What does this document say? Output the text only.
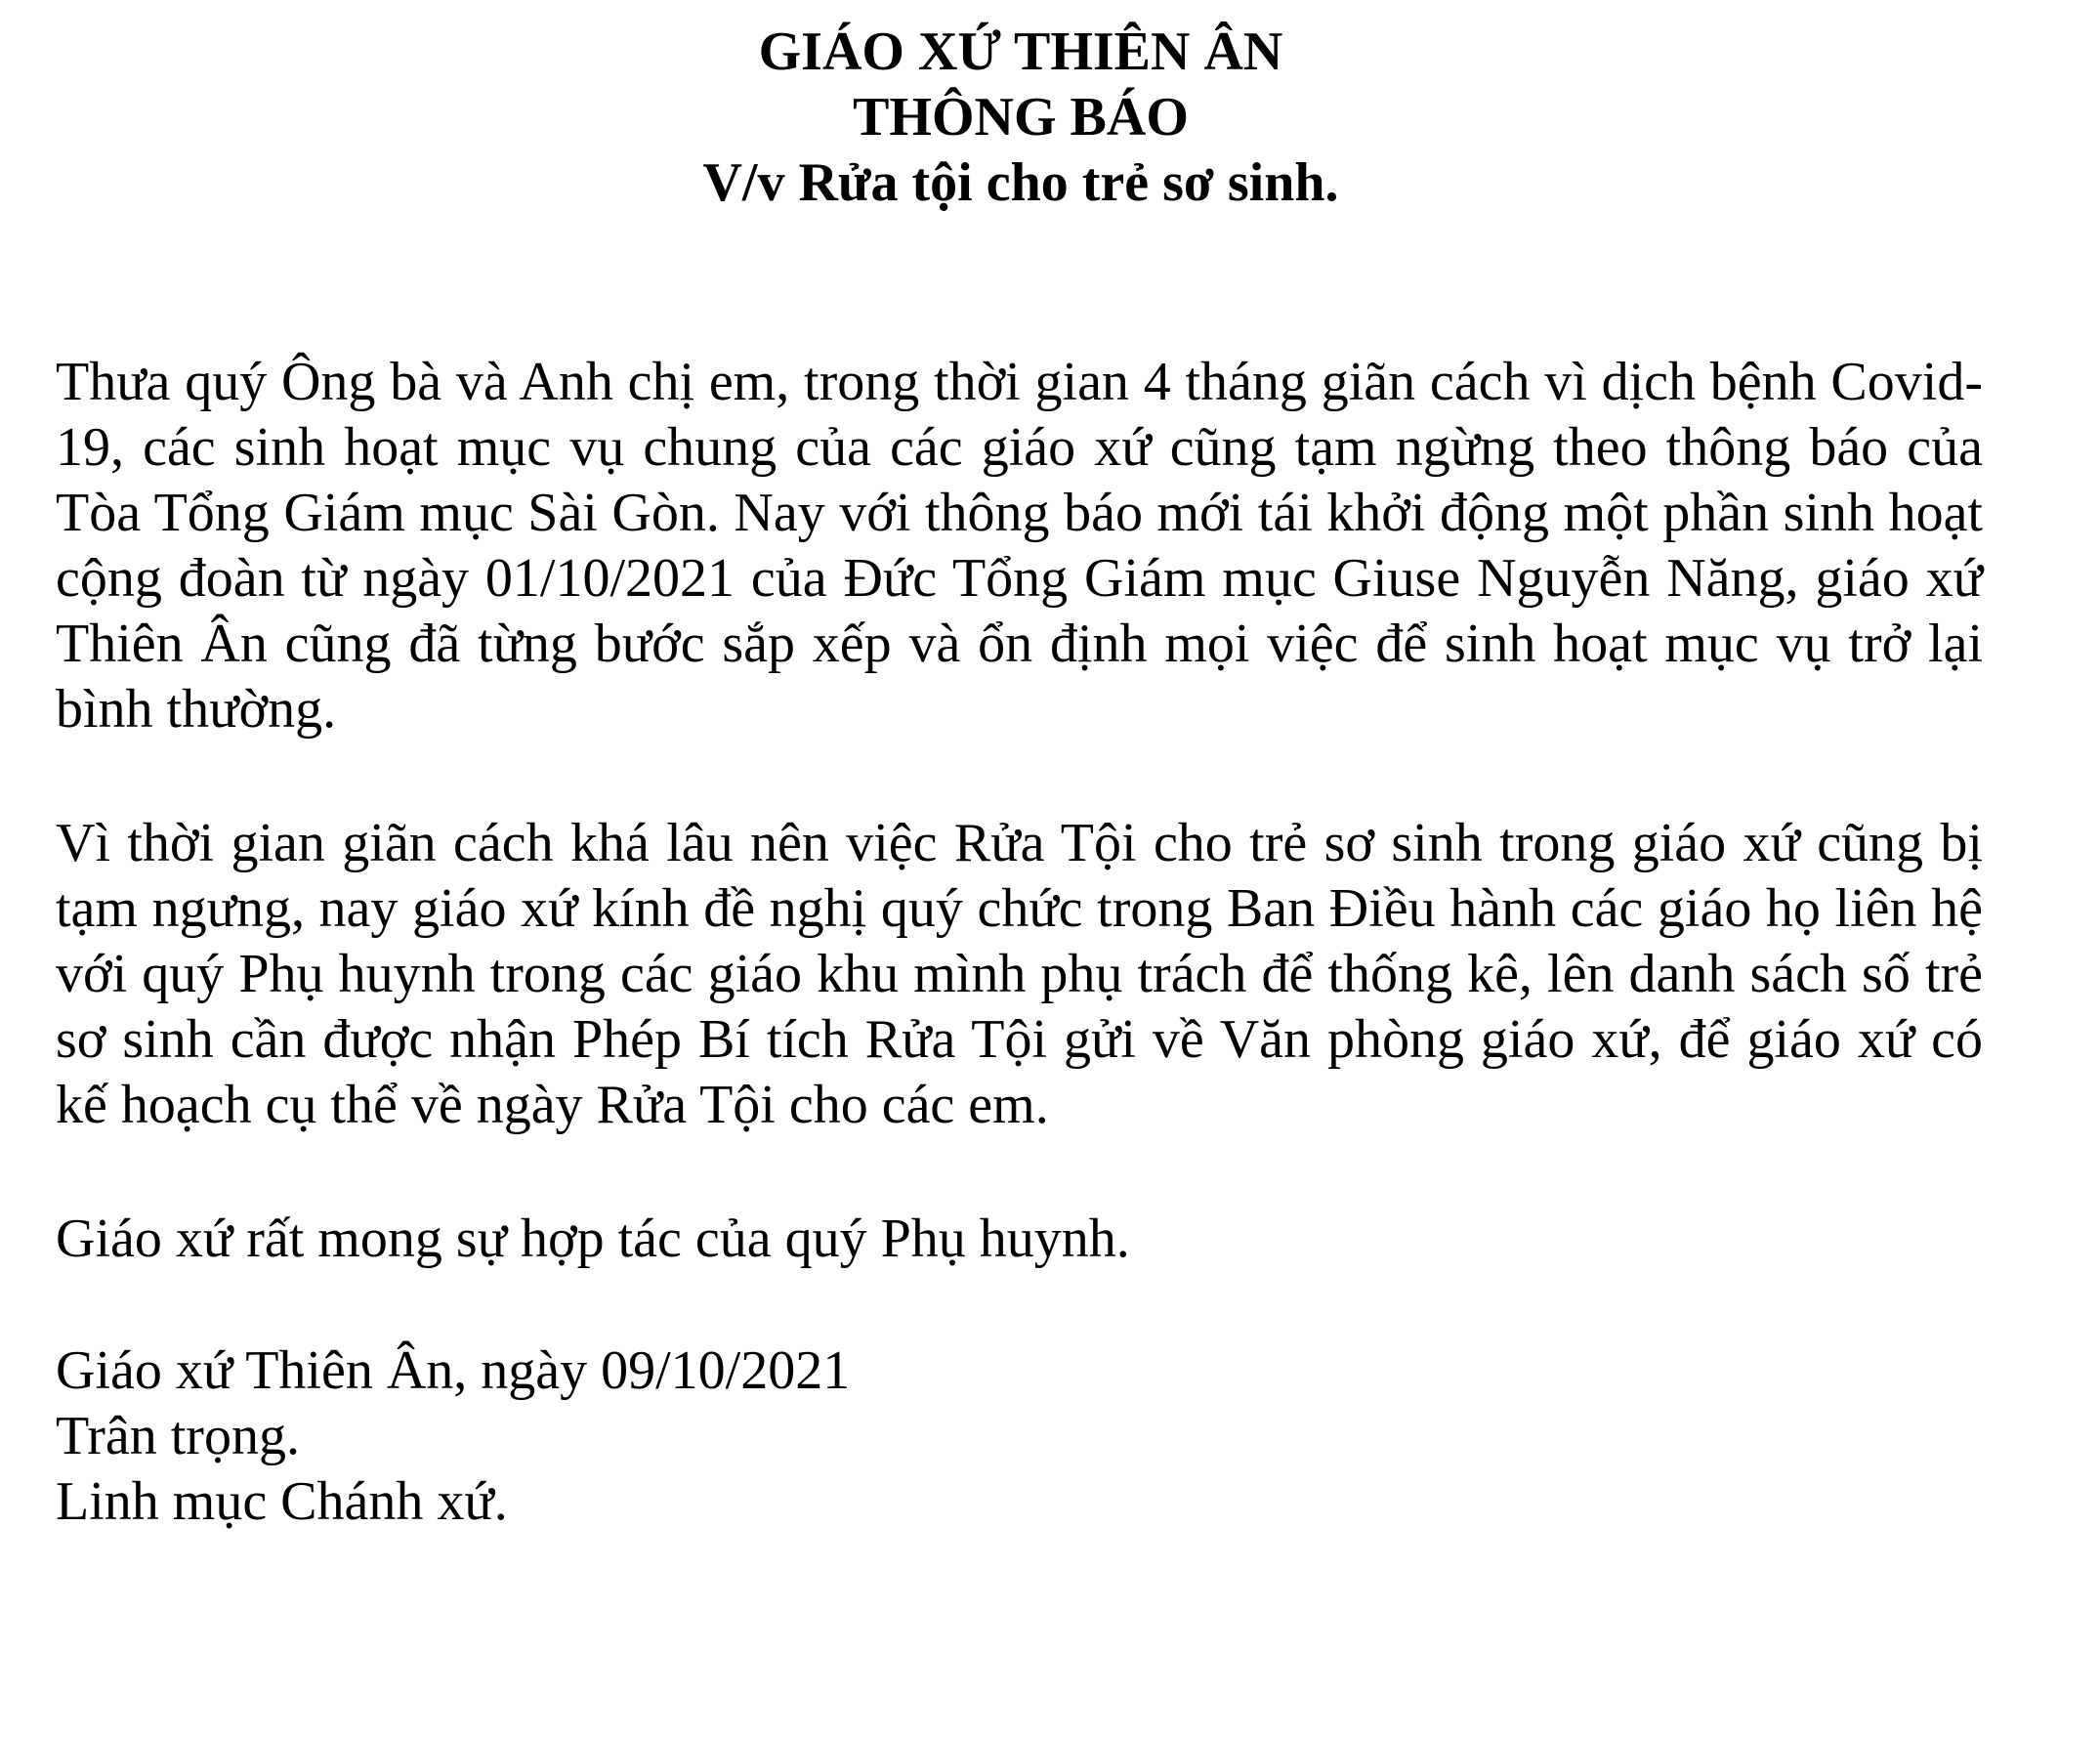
GIÁO XỨ THIÊN ÂN
THÔNG BÁO
V/v Rửa tội cho trẻ sơ sinh.

Thưa quý Ông bà và Anh chị em, trong thời gian 4 tháng giãn cách vì dịch bệnh Covid-19, các sinh hoạt mục vụ chung của các giáo xứ cũng tạm ngừng theo thông báo của Tòa Tổng Giám mục Sài Gòn. Nay với thông báo mới tái khởi động một phần sinh hoạt cộng đoàn từ ngày 01/10/2021 của Đức Tổng Giám mục Giuse Nguyễn Năng, giáo xứ Thiên Ân cũng đã từng bước sắp xếp và ổn định mọi việc để sinh hoạt mục vụ trở lại bình thường.

Vì thời gian giãn cách khá lâu nên việc Rửa Tội cho trẻ sơ sinh trong giáo xứ cũng bị tạm ngưng, nay giáo xứ kính đề nghị quý chức trong Ban Điều hành các giáo họ liên hệ với quý Phụ huynh trong các giáo khu mình phụ trách để thống kê, lên danh sách số trẻ sơ sinh cần được nhận Phép Bí tích Rửa Tội gửi về Văn phòng giáo xứ, để giáo xứ có kế hoạch cụ thể về ngày Rửa Tội cho các em.

Giáo xứ rất mong sự hợp tác của quý Phụ huynh.

Giáo xứ Thiên Ân, ngày 09/10/2021
Trân trọng.
Linh mục Chánh xứ.
